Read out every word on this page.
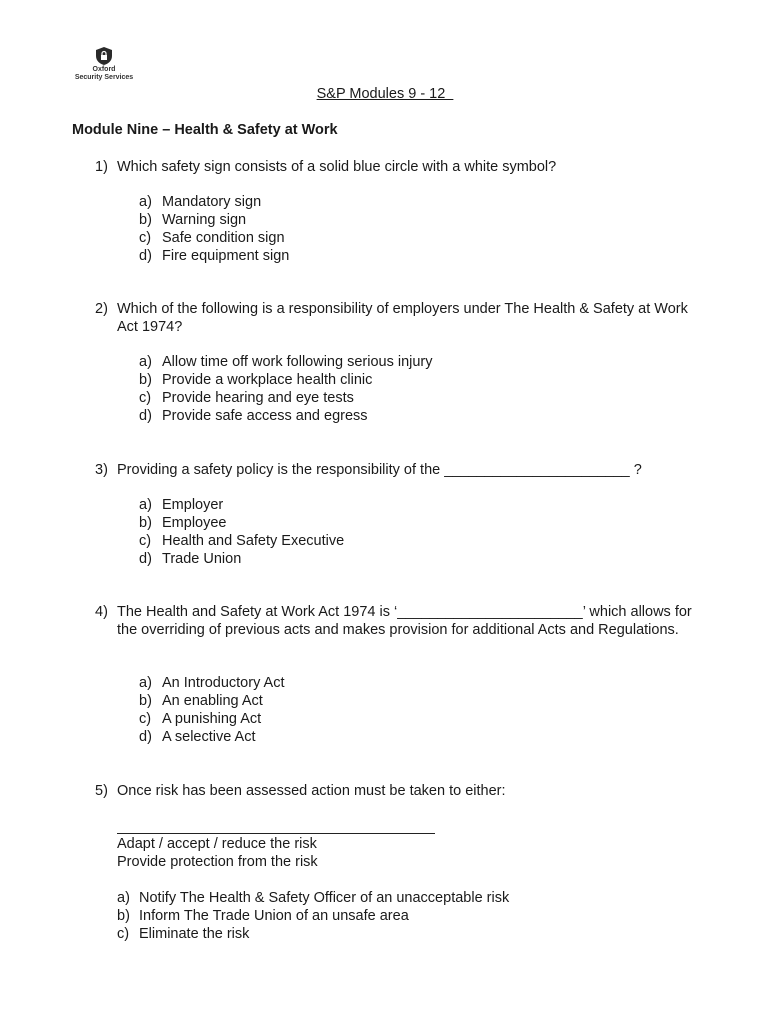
Oxford
Security Services
S&P Modules 9 - 12
Module Nine – Health & Safety at Work
1) Which safety sign consists of a solid blue circle with a white symbol?
a) Mandatory sign
b) Warning sign
c) Safe condition sign
d) Fire equipment sign
2) Which of the following is a responsibility of employers under The Health & Safety at Work Act 1974?
a) Allow time off work following serious injury
b) Provide a workplace health clinic
c) Provide hearing and eye tests
d) Provide safe access and egress
3) Providing a safety policy is the responsibility of the _______________________ ?
a) Employer
b) Employee
c) Health and Safety Executive
d) Trade Union
4) The Health and Safety at Work Act 1974 is ‘_______________________’ which allows for the overriding of previous acts and makes provision for additional Acts and Regulations.
a) An Introductory Act
b) An enabling Act
c) A punishing Act
d) A selective Act
5) Once risk has been assessed action must be taken to either:
Adapt / accept / reduce the risk
Provide protection from the risk
a) Notify The Health & Safety Officer of an unacceptable risk
b) Inform The Trade Union of an unsafe area
c) Eliminate the risk
